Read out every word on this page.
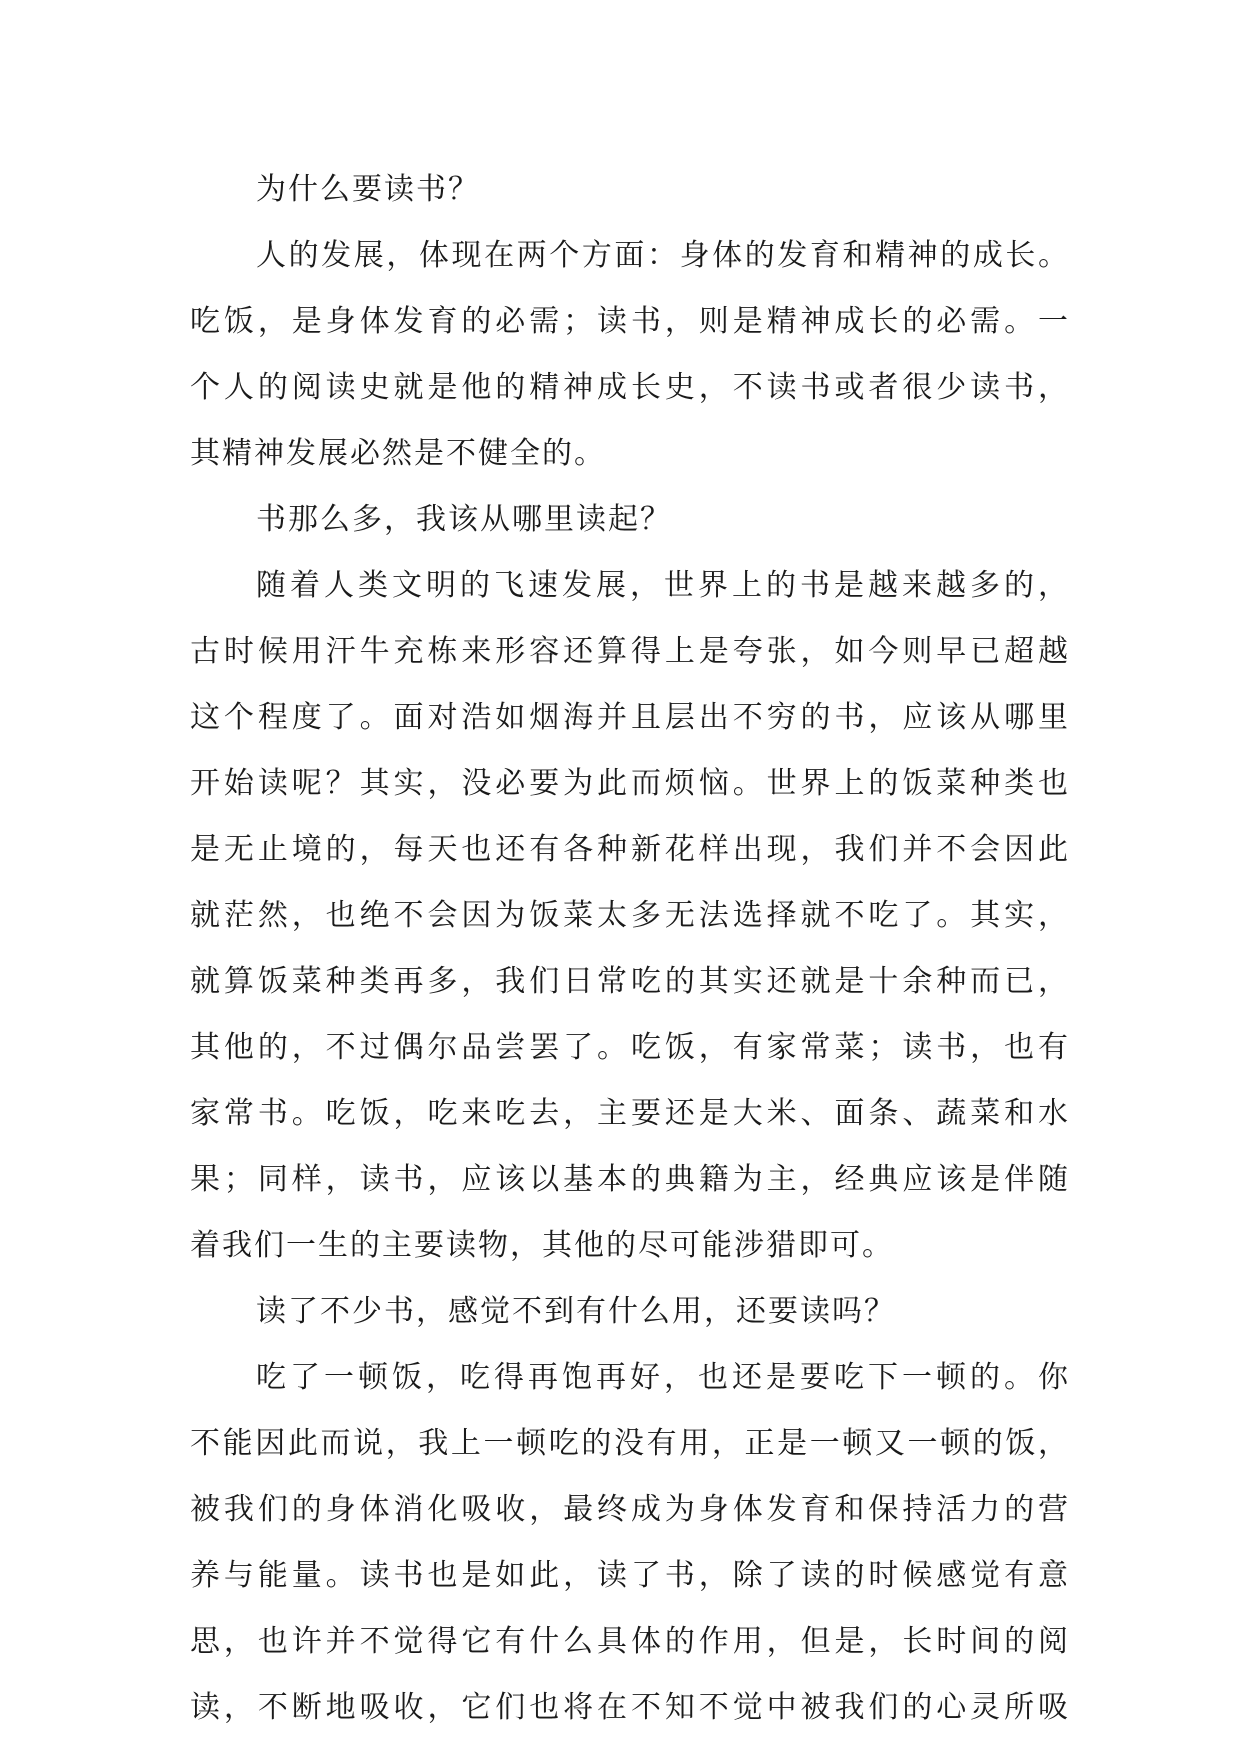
为什么要读书？
人的发展，体现在两个方面：身体的发育和精神的成长。
吃饭，是身体发育的必需；读书，则是精神成长的必需。一
个人的阅读史就是他的精神成长史，不读书或者很少读书，
其精神发展必然是不健全的。
书那么多，我该从哪里读起？
随着人类文明的飞速发展，世界上的书是越来越多的，
古时候用汗牛充栋来形容还算得上是夸张，如今则早已超越
这个程度了。面对浩如烟海并且层出不穷的书，应该从哪里
开始读呢？其实，没必要为此而烦恼。世界上的饭菜种类也
是无止境的，每天也还有各种新花样出现，我们并不会因此
就茫然，也绝不会因为饭菜太多无法选择就不吃了。其实，
就算饭菜种类再多，我们日常吃的其实还就是十余种而已，
其他的，不过偶尔品尝罢了。吃饭，有家常菜；读书，也有
家常书。吃饭，吃来吃去，主要还是大米、面条、蔬菜和水
果；同样，读书，应该以基本的典籍为主，经典应该是伴随
着我们一生的主要读物，其他的尽可能涉猎即可。
读了不少书，感觉不到有什么用，还要读吗？
吃了一顿饭，吃得再饱再好，也还是要吃下一顿的。你
不能因此而说，我上一顿吃的没有用，正是一顿又一顿的饭，
被我们的身体消化吸收，最终成为身体发育和保持活力的营
养与能量。读书也是如此，读了书，除了读的时候感觉有意
思，也许并不觉得它有什么具体的作用，但是，长时间的阅
读，不断地吸收，它们也将在不知不觉中被我们的心灵所吸
